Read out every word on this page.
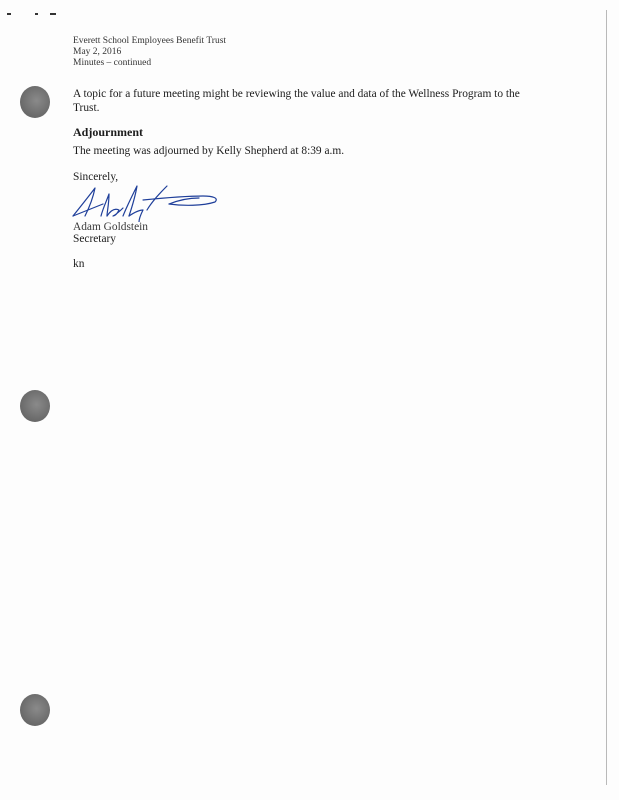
Everett School Employees Benefit Trust
May 2, 2016
Minutes – continued
A topic for a future meeting might be reviewing the value and data of the Wellness Program to the Trust.
Adjournment
The meeting was adjourned by Kelly Shepherd at 8:39 a.m.
Sincerely,
Adam Goldstein
Secretary
kn
